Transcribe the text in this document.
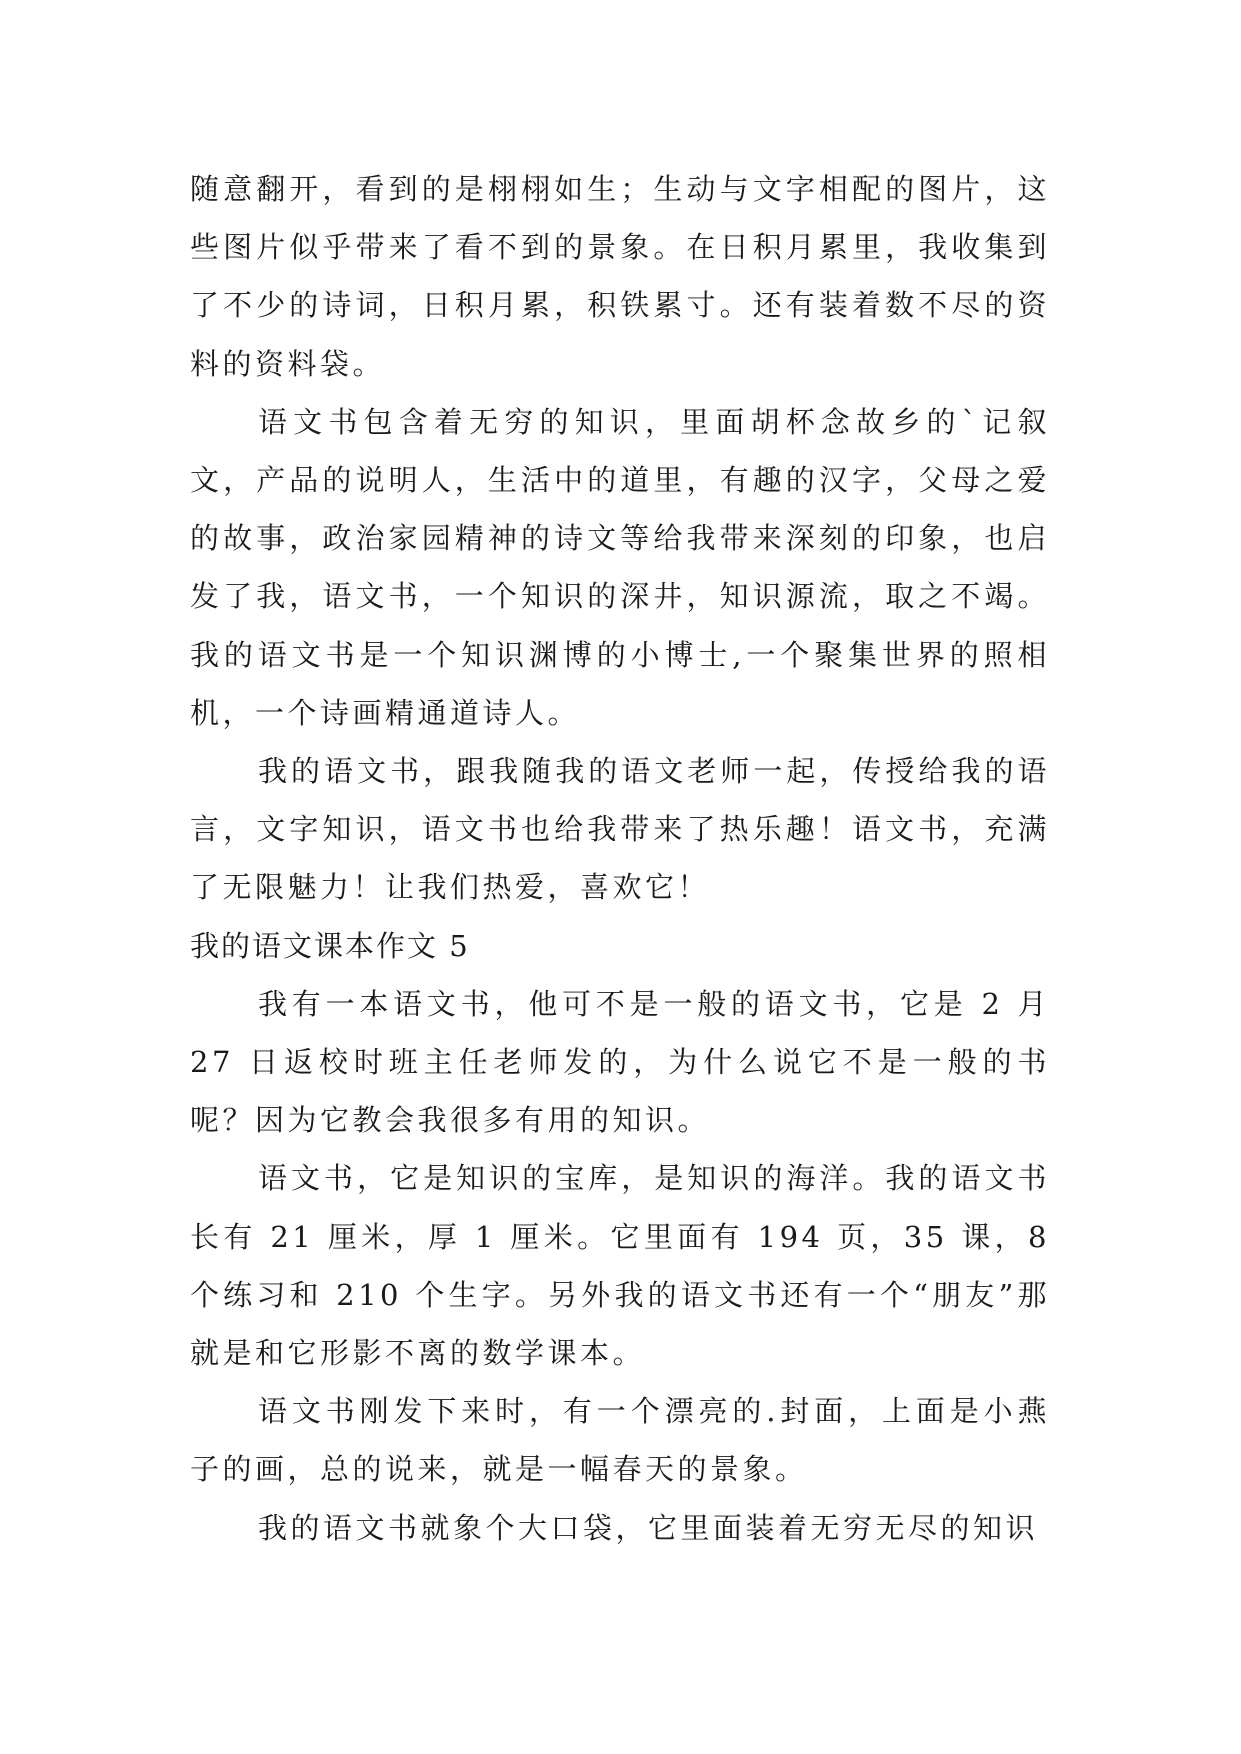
随意翻开，看到的是栩栩如生；生动与文字相配的图片，这些图片似乎带来了看不到的景象。在日积月累里，我收集到了不少的诗词，日积月累，积铁累寸。还有装着数不尽的资料的资料袋。

语文书包含着无穷的知识，里面胡杯念故乡的`记叙文，产品的说明人，生活中的道里，有趣的汉字，父母之爱的故事，政治家园精神的诗文等给我带来深刻的印象，也启发了我，语文书，一个知识的深井，知识源流，取之不竭。 我的语文书是一个知识渊博的小博士,一个聚集世界的照相机，一个诗画精通道诗人。

我的语文书，跟我随我的语文老师一起，传授给我的语言，文字知识，语文书也给我带来了热乐趣！语文书，充满了无限魅力！让我们热爱，喜欢它！

我的语文课本作文 5

我有一本语文书，他可不是一般的语文书，它是 2 月 27 日返校时班主任老师发的，为什么说它不是一般的书呢？因为它教会我很多有用的知识。

语文书，它是知识的宝库，是知识的海洋。我的语文书长有 21 厘米，厚 1 厘米。它里面有 194 页，35 课，8 个练习和 210 个生字。另外我的语文书还有一个“朋友”那就是和它形影不离的数学课本。

语文书刚发下来时，有一个漂亮的.封面，上面是小燕子的画，总的说来，就是一幅春天的景象。

我的语文书就象个大口袋，它里面装着无穷无尽的知识
